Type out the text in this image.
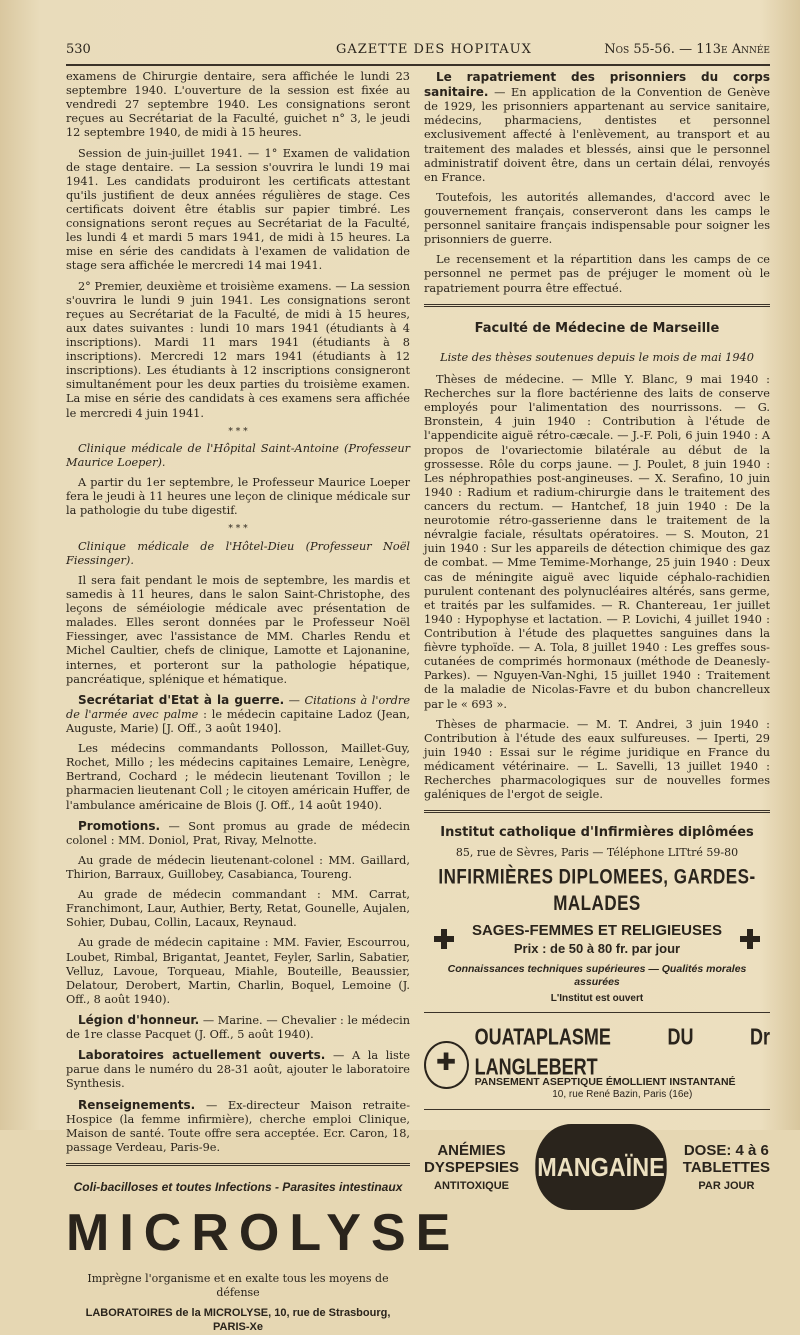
530	GAZETTE DES HOPITAUX	Nos 55-56. — 113e Année

examens de Chirurgie dentaire, sera affichée le lundi 23 septembre 1940. L'ouverture de la session est fixée au vendredi 27 septembre 1940. Les consignations seront reçues au Secrétariat de la Faculté, guichet n° 3, le jeudi 12 septembre 1940, de midi à 15 heures.

Session de juin-juillet 1941. — 1° Examen de validation de stage dentaire. — La session s'ouvrira le lundi 19 mai 1941. Les candidats produiront les certificats attestant qu'ils justifient de deux années régulières de stage. Ces certificats doivent être établis sur papier timbré. Les consignations seront reçues au Secrétariat de la Faculté, les lundi 4 et mardi 5 mars 1941, de midi à 15 heures. La mise en série des candidats à l'examen de validation de stage sera affichée le mercredi 14 mai 1941.

2° Premier, deuxième et troisième examens. — La session s'ouvrira le lundi 9 juin 1941. Les consignations seront reçues au Secrétariat de la Faculté, de midi à 15 heures, aux dates suivantes : lundi 10 mars 1941 (étudiants à 4 inscriptions). Mardi 11 mars 1941 (étudiants à 8 inscriptions). Mercredi 12 mars 1941 (étudiants à 12 inscriptions). Les étudiants à 12 inscriptions consigneront simultanément pour les deux parties du troisième examen. La mise en série des candidats à ces examens sera affichée le mercredi 4 juin 1941.

* * *

Clinique médicale de l'Hôpital Saint-Antoine (Professeur Maurice Loeper).

A partir du 1er septembre, le Professeur Maurice Loeper fera le jeudi à 11 heures une leçon de clinique médicale sur la pathologie du tube digestif.

* * *

Clinique médicale de l'Hôtel-Dieu (Professeur Noël Fiessinger).

Il sera fait pendant le mois de septembre, les mardis et samedis à 11 heures, dans le salon Saint-Christophe, des leçons de séméiologie médicale avec présentation de malades. Elles seront données par le Professeur Noël Fiessinger, avec l'assistance de MM. Charles Rendu et Michel Caultier, chefs de clinique, Lamotte et Lajonanine, internes, et porteront sur la pathologie hépatique, pancréatique, splénique et hématique.

Secrétariat d'Etat à la guerre. — Citations à l'ordre de l'armée avec palme : le médecin capitaine Ladoz (Jean, Auguste, Marie) [J. Off., 3 août 1940].

Les médecins commandants Pollosson, Maillet-Guy, Rochet, Millo ; les médecins capitaines Lemaire, Lenègre, Bertrand, Cochard ; le médecin lieutenant Tovillon ; le pharmacien lieutenant Coll ; le citoyen américain Huffer, de l'ambulance américaine de Blois (J. Off., 14 août 1940).

Promotions. — Sont promus au grade de médecin colonel : MM. Doniol, Prat, Rivay, Melnotte.

Au grade de médecin lieutenant-colonel : MM. Gaillard, Thirion, Barraux, Guillobey, Casabianca, Toureng.

Au grade de médecin commandant : MM. Carrat, Franchimont, Laur, Authier, Berty, Retat, Gounelle, Aujalen, Sohier, Dubau, Collin, Lacaux, Reynaud.

Au grade de médecin capitaine : MM. Favier, Escourrou, Loubet, Rimbal, Brigantat, Jeantet, Feyler, Sarlin, Sabatier, Velluz, Lavoue, Torqueau, Miahle, Bouteille, Beaussier, Delatour, Derobert, Martin, Charlin, Boquel, Lemoine (J. Off., 8 août 1940).

Légion d'honneur. — Marine. — Chevalier : le médecin de 1re classe Pacquet (J. Off., 5 août 1940).

Laboratoires actuellement ouverts. — A la liste parue dans le numéro du 28-31 août, ajouter le laboratoire Synthesis.

Renseignements. — Ex-directeur Maison retraite-Hospice (la femme infirmière), cherche emploi Clinique, Maison de santé. Toute offre sera acceptée. Ecr. Caron, 18, passage Verdeau, Paris-9e.

Coli-bacilloses et toutes Infections - Parasites intestinaux
MICROLYSE
Imprègne l'organisme et en exalte tous les moyens de défense
LABORATOIRES de la MICROLYSE, 10, rue de Strasbourg, PARIS-Xe

Le rapatriement des prisonniers du corps sanitaire. — En application de la Convention de Genève de 1929, les prisonniers appartenant au service sanitaire, médecins, pharmaciens, dentistes et personnel exclusivement affecté à l'enlèvement, au transport et au traitement des malades et blessés, ainsi que le personnel administratif doivent être, dans un certain délai, renvoyés en France.

Toutefois, les autorités allemandes, d'accord avec le gouvernement français, conserveront dans les camps le personnel sanitaire français indispensable pour soigner les prisonniers de guerre.

Le recensement et la répartition dans les camps de ce personnel ne permet pas de préjuger le moment où le rapatriement pourra être effectué.

Faculté de Médecine de Marseille
Liste des thèses soutenues depuis le mois de mai 1940

Thèses de médecine. — Mlle Y. Blanc, 9 mai 1940 : Recherches sur la flore bactérienne des laits de conserve employés pour l'alimentation des nourrissons. — G. Bronstein, 4 juin 1940 : Contribution à l'étude de l'appendicite aiguë rétro-cæcale. — J.-F. Poli, 6 juin 1940 : A propos de l'ovariectomie bilatérale au début de la grossesse. Rôle du corps jaune. — J. Poulet, 8 juin 1940 : Les néphropathies post-angineuses. — X. Serafino, 10 juin 1940 : Radium et radium-chirurgie dans le traitement des cancers du rectum. — Hantchef, 18 juin 1940 : De la neurotomie rétro-gasserienne dans le traitement de la névralgie faciale, résultats opératoires. — S. Mouton, 21 juin 1940 : Sur les appareils de détection chimique des gaz de combat. — Mme Temime-Morhange, 25 juin 1940 : Deux cas de méningite aiguë avec liquide céphalo-rachidien purulent contenant des polynucléaires altérés, sans germe, et traités par les sulfamides. — R. Chantereau, 1er juillet 1940 : Hypophyse et lactation. — P. Lovichi, 4 juillet 1940 : Contribution à l'étude des plaquettes sanguines dans la fièvre typhoïde. — A. Tola, 8 juillet 1940 : Les greffes sous-cutanées de comprimés hormonaux (méthode de Deanesly-Parkes). — Nguyen-Van-Nghi, 15 juillet 1940 : Traitement de la maladie de Nicolas-Favre et du bubon chancrelleux par le « 693 ».

Thèses de pharmacie. — M. T. Andrei, 3 juin 1940 : Contribution à l'étude des eaux sulfureuses. — Iperti, 29 juin 1940 : Essai sur le régime juridique en France du médicament vétérinaire. — L. Savelli, 13 juillet 1940 : Recherches pharmacologiques sur de nouvelles formes galéniques de l'ergot de seigle.

Institut catholique d'Infirmières diplômées
85, rue de Sèvres, Paris — Téléphone LITtré 59-80
INFIRMIÈRES DIPLOMEES, GARDES-MALADES
SAGES-FEMMES ET RELIGIEUSES
Prix : de 50 à 80 fr. par jour
Connaissances techniques supérieures — Qualités morales assurées
L'Institut est ouvert
✚
OUATAPLASME DU Dr LANGLEBERT
PANSEMENT ASEPTIQUE ÉMOLLIENT INSTANTANÉ
10, rue René Bazin, Paris (16e)
ANÉMIES
DYSPEPSIES
ANTITOXIQUE
MANGAÏNE
DOSE: 4 à 6
TABLETTES
PAR JOUR
